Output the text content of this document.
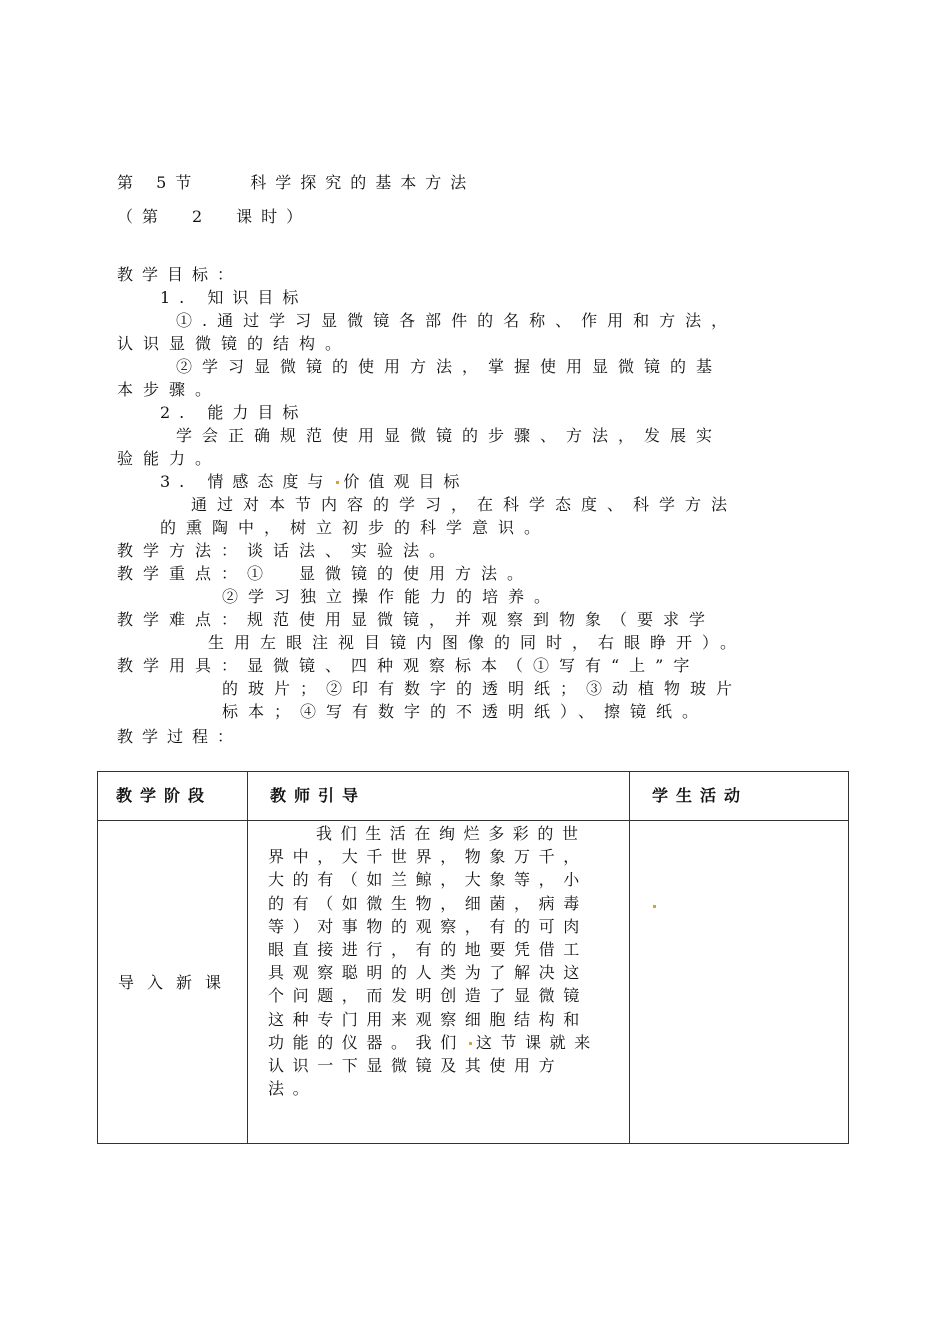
第 5节　　科学探究的基本方法
（第　2　课时）
教学目标：
1. 知识目标
①.通过学习显微镜各部件的名称、作用和方法，
认识显微镜的结构。
②学习显微镜的使用方法，掌握使用显微镜的基
本步骤。
2. 能力目标
学会正确规范使用显微镜的步骤、方法，发展实
验能力。
3. 情感态度与 价值观目标
通过对本节内容的学习，在科学态度、科学方法
的熏陶中，树立初步的科学意识。
教学方法：谈话法、实验法。
教学重点：①　显微镜的使用方法。
②学习独立操作能力的培养。
教学难点：规范使用显微镜，并观察到物象（要求学
生用左眼注视目镜内图像的同时，右眼睁开）。
教学用具：显微镜、四种观察标本（①写有“上”字
的玻片；②印有数字的透明纸；③动植物玻片
标本；④写有数字的不透明纸）、擦镜纸。
教学过程：
教学阶段	教师引导	学生活动
导入新课
我们生活在绚烂多彩的世界中，大千世界，物象万千，大的有（如兰鲸，大象等，小的有（如微生物，细菌，病毒等）对事物的观察，有的可肉眼直接进行，有的地要凭借工具观察聪明的人类为了解决这个问题，而发明创造了显微镜这种专门用来观察细胞结构和功能的仪器。我们 这节课就来认识一下显微镜及其使用方法。
